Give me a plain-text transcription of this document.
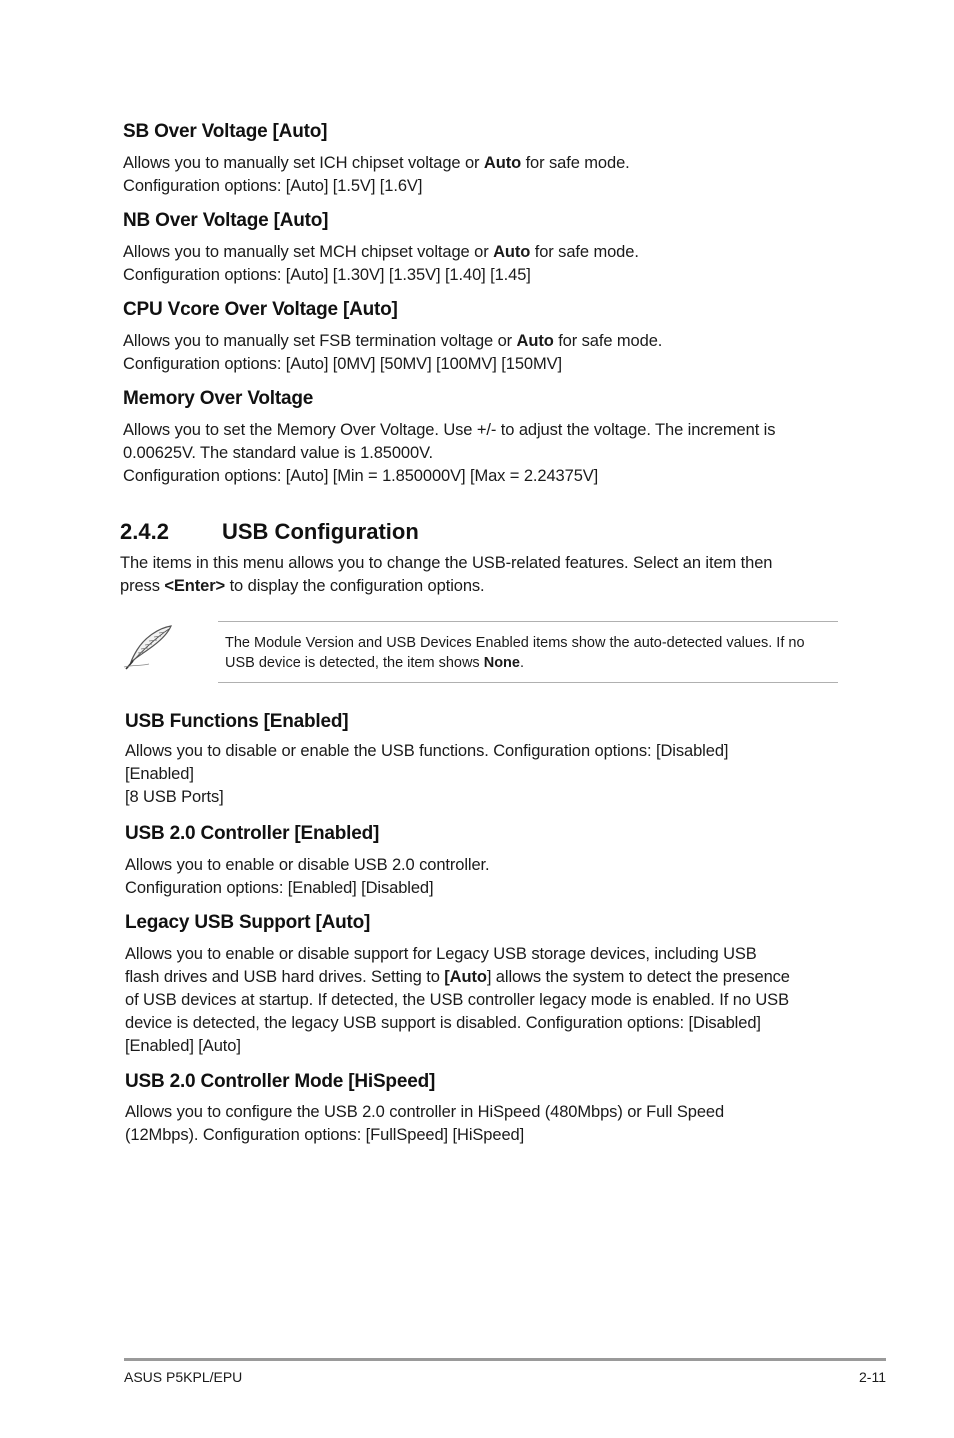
SB Over Voltage [Auto]

Allows you to manually set ICH chipset voltage or Auto for safe mode.

Configuration options: [Auto] [1.5V] [1.6V]

NB Over Voltage [Auto]

Allows you to manually set MCH chipset voltage or Auto for safe mode.

Configuration options: [Auto] [1.30V] [1.35V] [1.40] [1.45]

CPU Vcore Over Voltage [Auto]

Allows you to manually set FSB termination voltage or Auto for safe mode.

Configuration options: [Auto] [0MV] [50MV] [100MV] [150MV]

Memory Over Voltage

Allows you to set the Memory Over Voltage. Use +/- to adjust the voltage. The increment is

0.00625V. The standard value is 1.85000V.

Configuration options: [Auto] [Min = 1.850000V] [Max = 2.24375V]

2.4.2 USB Configuration

The items in this menu allows you to change the USB-related features. Select an item then

press <Enter> to display the configuration options.

The Module Version and USB Devices Enabled items show the auto-detected values. If no
USB device is detected, the item shows None.
USB Functions [Enabled]

Allows you to disable or enable the USB functions. Configuration options: [Disabled]

[Enabled]

[8 USB Ports]

USB 2.0 Controller [Enabled]

Allows you to enable or disable USB 2.0 controller.

Configuration options: [Enabled] [Disabled]

Legacy USB Support [Auto]

Allows you to enable or disable support for Legacy USB storage devices, including USB

flash drives and USB hard drives. Setting to [Auto] allows the system to detect the presence

of USB devices at startup. If detected, the USB controller legacy mode is enabled. If no USB

device is detected, the legacy USB support is disabled. Configuration options: [Disabled]

[Enabled] [Auto]

USB 2.0 Controller Mode [HiSpeed]

Allows you to configure the USB 2.0 controller in HiSpeed (480Mbps) or Full Speed

(12Mbps). Configuration options: [FullSpeed] [HiSpeed]

ASUS P5KPL/EPU	2-11
